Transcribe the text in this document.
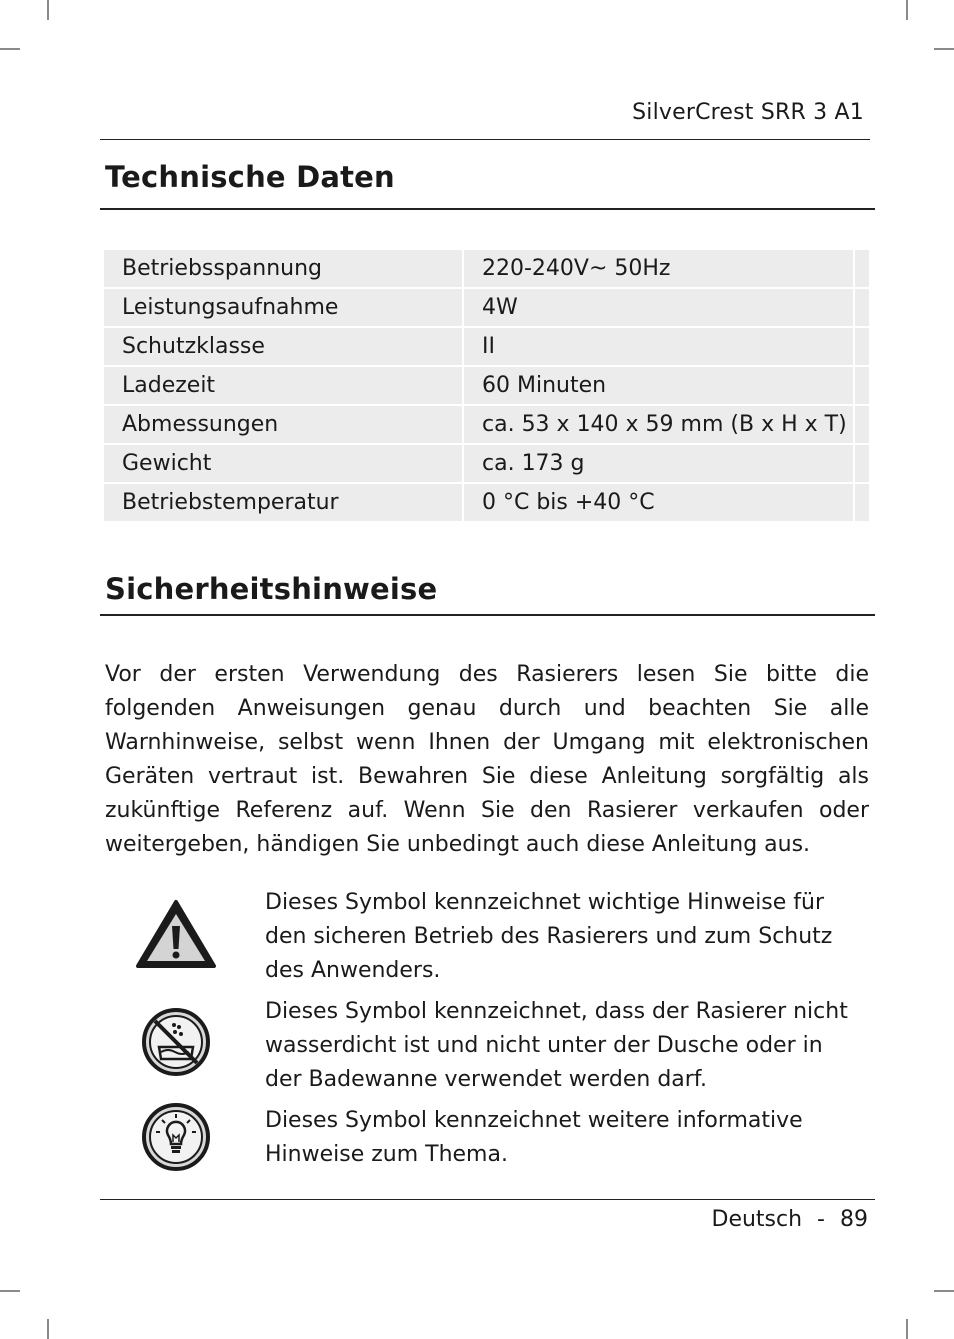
SilverCrest SRR 3 A1
Technische Daten
Betriebsspannung	220-240V~ 50Hz	
Leistungsaufnahme	4W	
Schutzklasse	II	
Ladezeit	60 Minuten	
Abmessungen	ca. 53 x 140 x 59 mm (B x H x T)	
Gewicht	ca. 173 g	
Betriebstemperatur	0 °C bis +40 °C	
Sicherheitshinweise

Vor der ersten Verwendung des Rasierers lesen Sie bitte die folgenden Anweisungen genau durch und beachten Sie alle Warnhinweise, selbst wenn Ihnen der Umgang mit elektronischen Geräten vertraut ist. Bewahren Sie diese Anleitung sorgfältig als zukünftige Referenz auf. Wenn Sie den Rasierer verkaufen oder weitergeben, händigen Sie unbedingt auch diese Anleitung aus.

Dieses Symbol kennzeichnet wichtige Hinweise für den sicheren Betrieb des Rasierers und zum Schutz des Anwenders.

Dieses Symbol kennzeichnet, dass der Rasierer nicht wasserdicht ist und nicht unter der Dusche oder in der Badewanne verwendet werden darf.

Dieses Symbol kennzeichnet weitere informative Hinweise zum Thema.

Deutsch - 89
